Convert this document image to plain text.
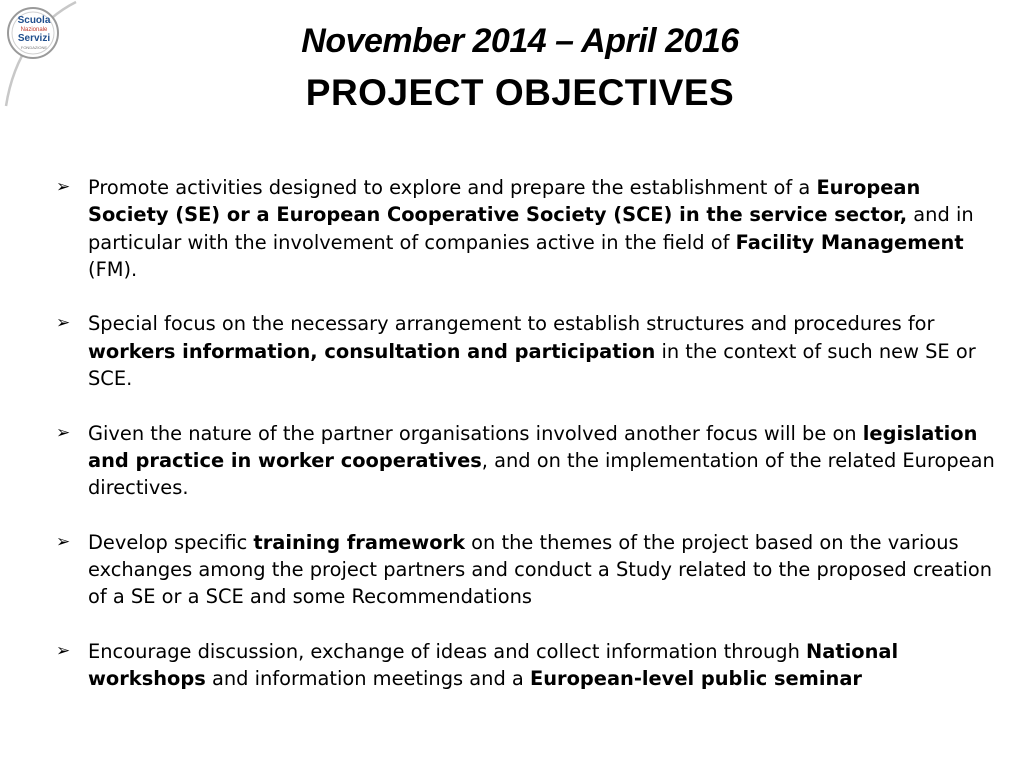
Scuola
Nazionale
Servizi
FONDAZIONE	November 2014 – April 2016
PROJECT OBJECTIVES
➢ Promote activities designed to explore and prepare the establishment of a European Society (SE) or a European Cooperative Society (SCE) in the service sector, and in particular with the involvement of companies active in the field of Facility Management (FM).
➢ Special focus on the necessary arrangement to establish structures and procedures for workers information, consultation and participation in the context of such new SE or SCE.
➢ Given the nature of the partner organisations involved another focus will be on legislation and practice in worker cooperatives, and on the implementation of the related European directives.
➢ Develop specific training framework on the themes of the project based on the various exchanges among the project partners and conduct a Study related to the proposed creation of a SE or a SCE and some Recommendations
➢ Encourage discussion, exchange of ideas and collect information through National workshops and information meetings and a European-level public seminar
